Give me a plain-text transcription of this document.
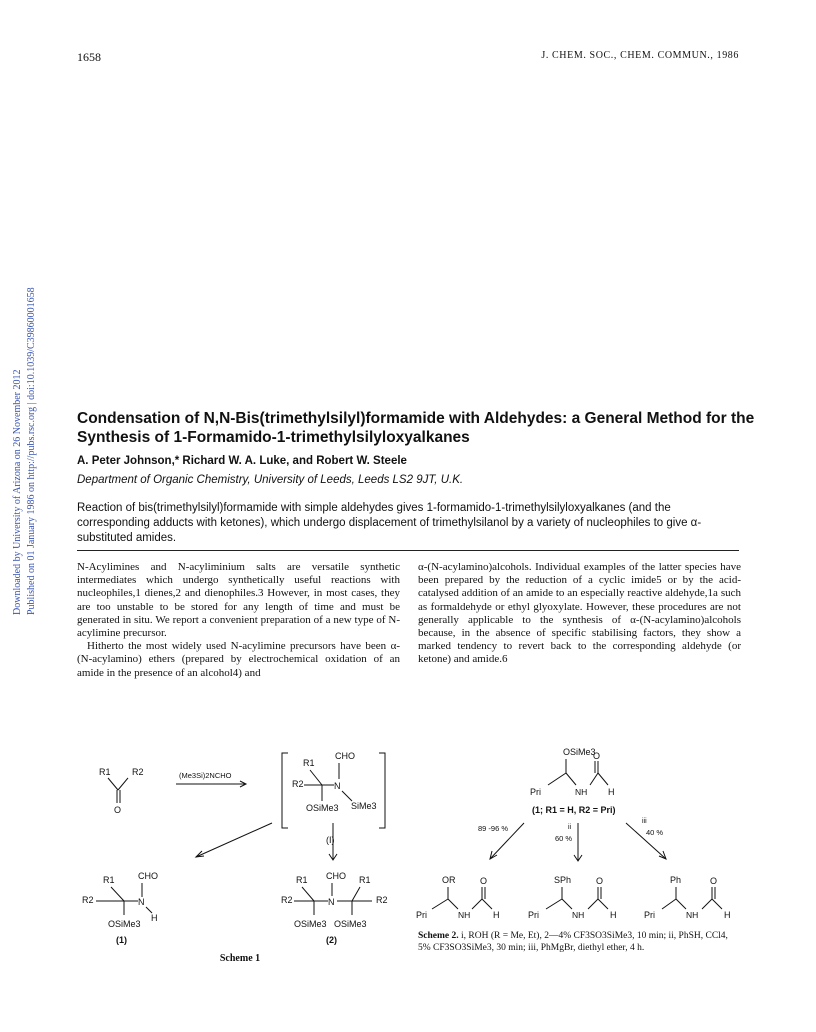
1658	J. CHEM. SOC., CHEM. COMMUN., 1986
Downloaded by University of Arizona on 26 November 2012 Published on 01 January 1986 on http://pubs.rsc.org | doi:10.1039/C39860001658	Condensation of N,N-Bis(trimethylsilyl)formamide with Aldehydes: a General Method for the Synthesis of 1-Formamido-1-trimethylsilyloxyalkanes
A. Peter Johnson,* Richard W. A. Luke, and Robert W. Steele
Department of Organic Chemistry, University of Leeds, Leeds LS2 9JT, U.K.
Reaction of bis(trimethylsilyl)formamide with simple aldehydes gives 1-formamido-1-trimethylsilyloxyalkanes (and the corresponding adducts with ketones), which undergo displacement of trimethylsilanol by a variety of nucleophiles to give α-substituted amides.

N-Acylimines and N-acyliminium salts are versatile synthetic intermediates which undergo synthetically useful reactions with nucleophiles,1 dienes,2 and dienophiles.3 However, in most cases, they are too unstable to be stored for any length of time and must be generated in situ. We report a convenient preparation of a new type of N-acylimine precursor.

Hitherto the most widely used N-acylimine precursors have been α-(N-acylamino) ethers (prepared by electrochemical oxidation of an amide in the presence of an alcohol4) and

α-(N-acylamino)alcohols. Individual examples of the latter species have been prepared by the reduction of a cyclic imide5 or by the acid-catalysed addition of an amide to an especially reactive aldehyde,1a such as formaldehyde or ethyl glyoxylate. However, these procedures are not generally applicable to the synthesis of α-(N-acylamino)alcohols because, in the absence of specific stabilising factors, they show a marked tendency to revert back to the corresponding aldehyde (or ketone) and amide.6

R1 R2
O
(Me3Si)2NCHO
R1
CHO
R2	N
SiMe3
OSiMe3
(I)
R1	CHO
R2	N
H
OSiMe3
(1)
R1 CHO R1
R2	R2
N
OSiMe3 OSiMe3
(2)
Scheme 1
OSiMe3
O
Pri	NH H
(1; R1 = H, R2 = Pri)
89 -96 %	ii
60 %
iii
40 %
OR	O
Pri	NH	H
SPh	O
Pri	NH	H
Ph	O
Pri	NH	H
Scheme 2. i, ROH (R = Me, Et), 2—4% CF3SO3SiMe3, 10 min; ii, PhSH, CCl4, 5% CF3SO3SiMe3, 30 min; iii, PhMgBr, diethyl ether, 4 h.
